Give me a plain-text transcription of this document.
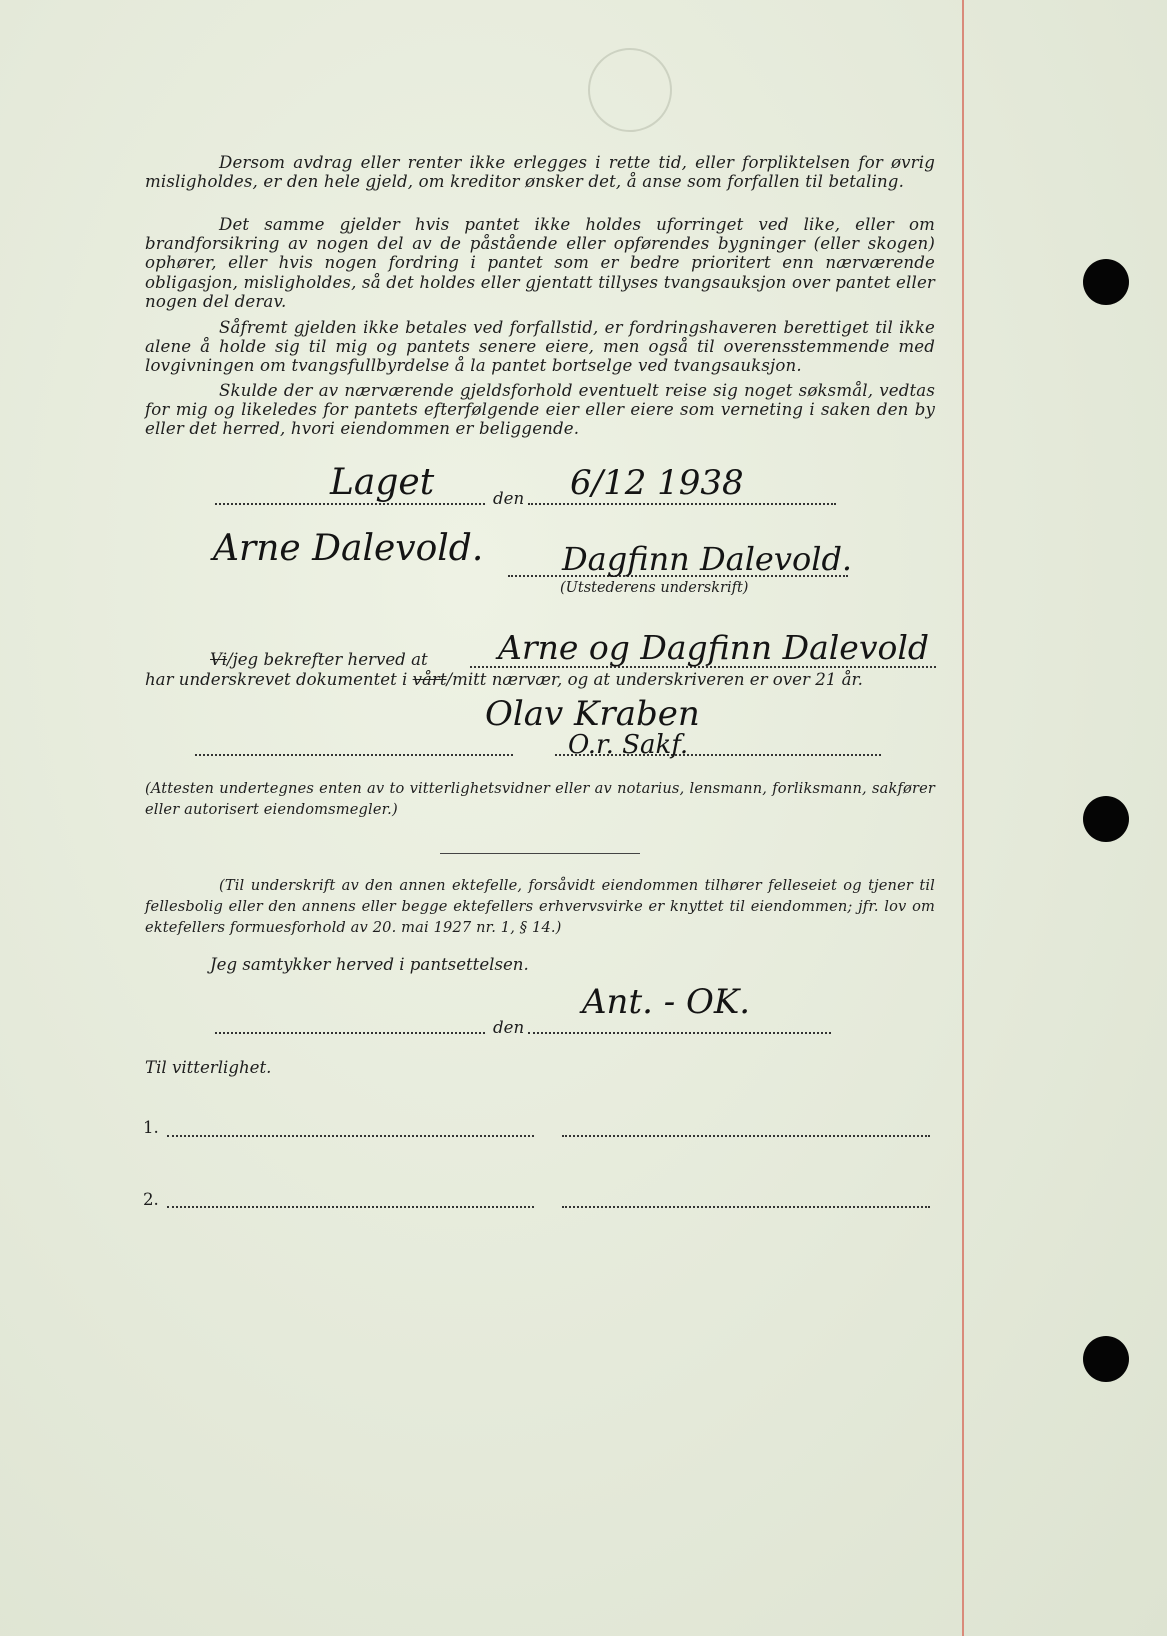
Dersom avdrag eller renter ikke erlegges i rette tid, eller forpliktelsen for øvrig misligholdes, er den hele gjeld, om kreditor ønsker det, å anse som forfallen til betaling.

Det samme gjelder hvis pantet ikke holdes uforringet ved like, eller om brandforsikring av nogen del av de påstående eller opførendes bygninger (eller skogen) ophører, eller hvis nogen fordring i pantet som er bedre prioritert enn nærværende obligasjon, misligholdes, så det holdes eller gjentatt tillyses tvangsauksjon over pantet eller nogen del derav.

Såfremt gjelden ikke betales ved forfallstid, er fordringshaveren berettiget til ikke alene å holde sig til mig og pantets senere eiere, men også til overensstemmende med lovgivningen om tvangsfullbyrdelse å la pantet bortselge ved tvangsauksjon.

Skulde der av nærværende gjeldsforhold eventuelt reise sig noget søksmål, vedtas for mig og likeledes for pantets efterfølgende eier eller eiere som verneting i saken den by eller det herred, hvori eiendommen er beliggende.

Laget	den 6/12 1938
Arne Dalevold. Dagfinn Dalevold.
(Utstederens underskrift)
Vi/jeg bekrefter herved at Arne og Dagfinn Dalevold
har underskrevet dokumentet i vårt/mitt nærvær, og at underskriveren er over 21 år.
Olav Kraben
O.r. Sakf.

(Attesten undertegnes enten av to vitterlighetsvidner eller av notarius, lensmann, forliksmann, sakfører eller autorisert eiendomsmegler.)

(Til underskrift av den annen ektefelle, forsåvidt eiendommen tilhører felleseiet og tjener til fellesbolig eller den annens eller begge ektefellers erhvervsvirke er knyttet til eiendommen; jfr. lov om ektefellers formuesforhold av 20. mai 1927 nr. 1, § 14.)

Jeg samtykker herved i pantsettelsen.
den
Ant. - OK.
Til vitterlighet.
1.
2.
